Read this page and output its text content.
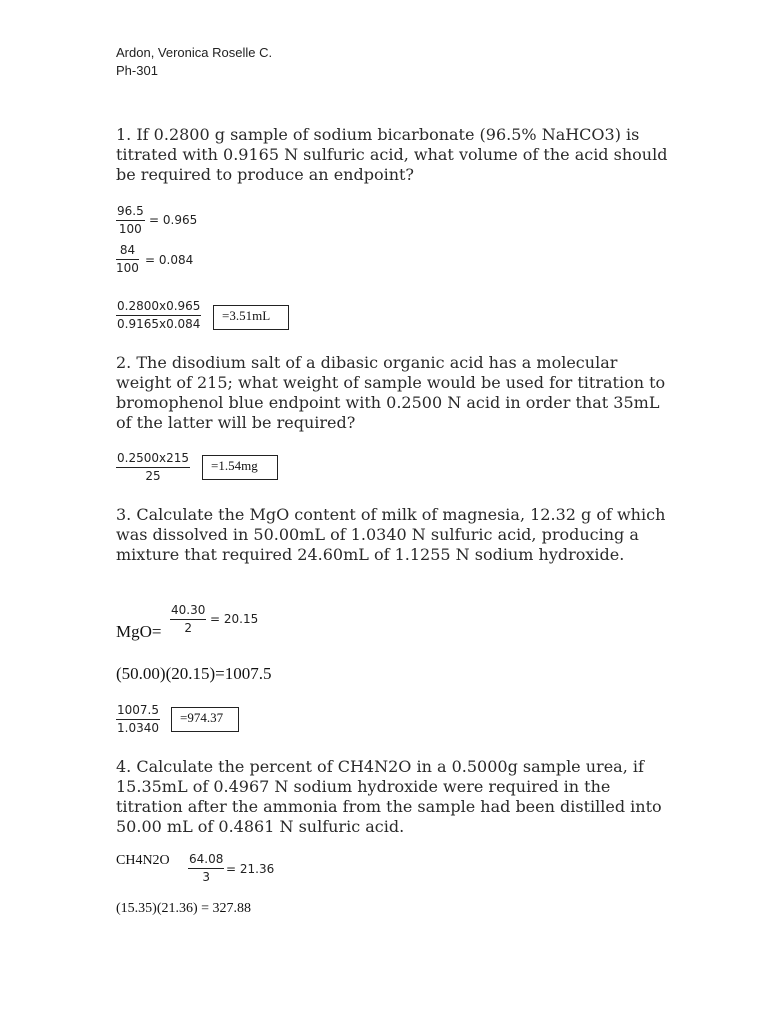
Ardon, Veronica Roselle C.
Ph-301
1. If 0.2800 g sample of sodium bicarbonate (96.5% NaHCO3) is titrated with 0.9165 N sulfuric acid, what volume of the acid should be required to produce an endpoint?
$\frac{96.5}{100} = 0.965$
$\frac{84}{100} = 0.084$
$\frac{0.2800x0.965}{0.9165x0.084}$	=3.51mL
2. The disodium salt of a dibasic organic acid has a molecular weight of 215; what weight of sample would be used for titration to bromophenol blue endpoint with 0.2500 N acid in order that 35mL of the latter will be required?
$\frac{0.2500x215}{25}$	=1.54mg
3. Calculate the MgO content of milk of magnesia, 12.32 g of which was dissolved in 50.00mL of 1.0340 N sulfuric acid, producing a mixture that required 24.60mL of 1.1255 N sodium hydroxide.
$\frac{40.30}{2} = 20.15$
MgO=
(50.00)(20.15)=1007.5
$\frac{1007.5}{1.0340}$	=974.37
4. Calculate the percent of CH4N2O in a 0.5000g sample urea, if 15.35mL of 0.4967 N sodium hydroxide were required in the titration after the ammonia from the sample had been distilled into 50.00 mL of 0.4861 N sulfuric acid.
$CH4N2O \frac{64.08}{3} = 21.36$
(15.35)(21.36) = 327.88
